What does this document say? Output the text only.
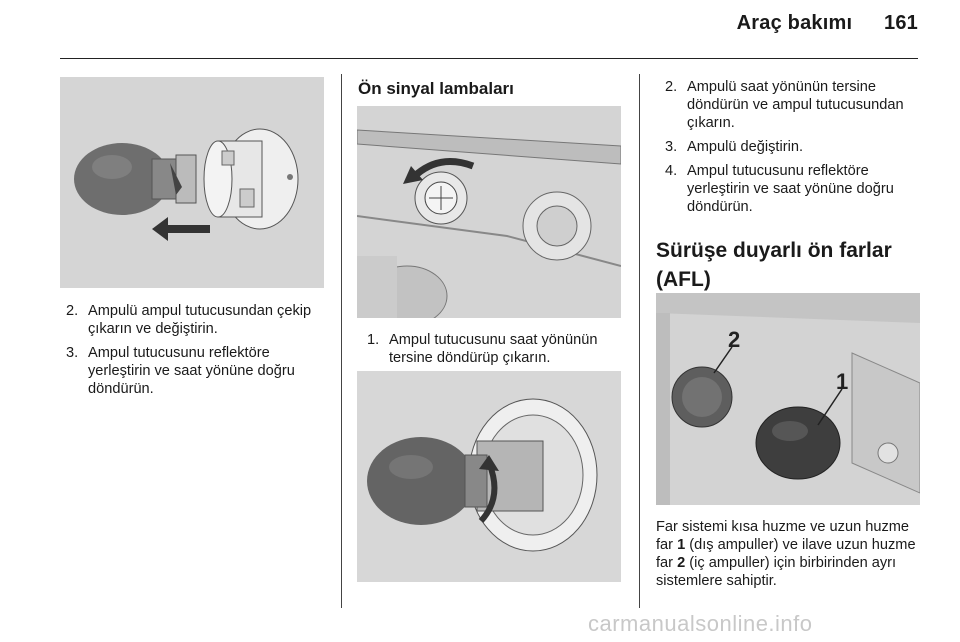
Araç bakımı 161
2. Ampulü ampul tutucusundan çekip çıkarın ve değiştirin.
3. Ampul tutucusunu reflektöre yerleştirin ve saat yönüne doğru döndürün.
Ön sinyal lambaları
1. Ampul tutucusunu saat yönünün tersine döndürüp çıkarın.
2. Ampulü saat yönünün tersine döndürün ve ampul tutucusundan çıkarın.
3. Ampulü değiştirin.
4. Ampul tutucusunu reflektöre yerleştirin ve saat yönüne doğru döndürün.
Sürüşe duyarlı ön farlar (AFL)
2
1

Far sistemi kısa huzme ve uzun huzme far 1 (dış ampuller) ve ilave uzun huzme far 2 (iç ampuller) için birbirinden ayrı sistemlere sahiptir.

carmanualsonline.info
